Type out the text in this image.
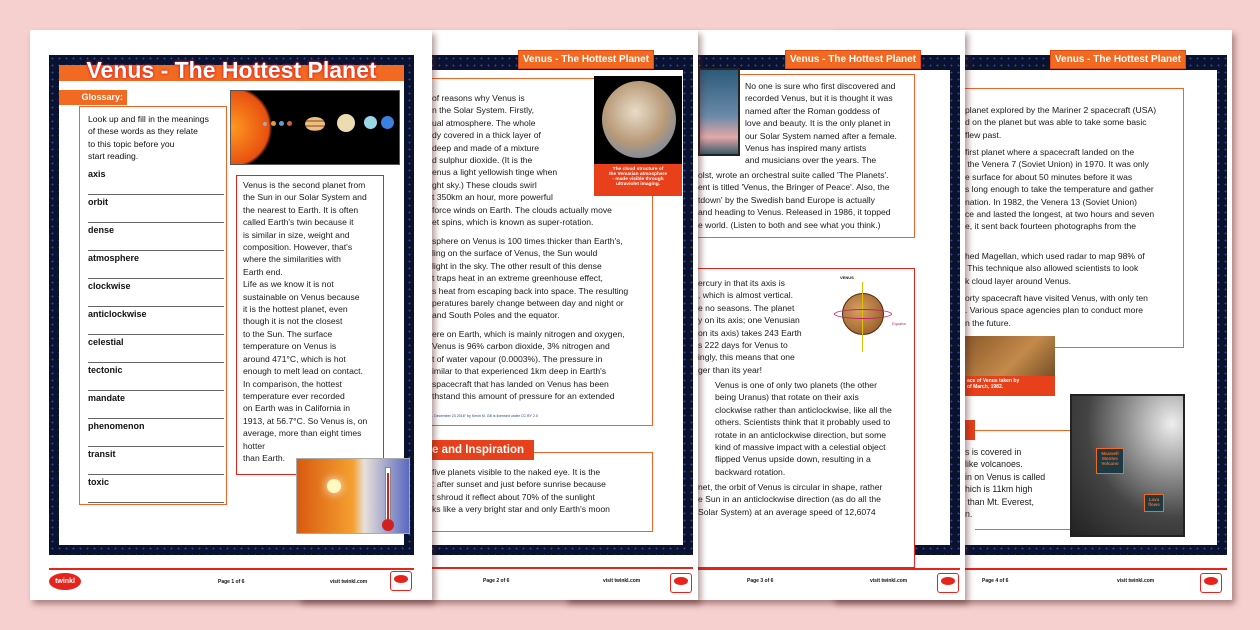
Venus - The Hottest Planet
planet explored by the Mariner 2 spacecraft (USA)
d on the planet but was able to take some basic
flew past.
first planet where a spacecraft landed on the
the Venera 7 (Soviet Union) in 1970. It was only
e surface for about 50 minutes before it was
s long enough to take the temperature and gather
nation. In 1982, the Venera 13 (Soviet Union)
ce and lasted the longest, at two hours and seven
e, it sent back fourteen photographs from the
hed Magellan, which used radar to map 98% of
This technique also allowed scientists to look
k cloud layer around Venus.
orty spacecraft have visited Venus, with only ten
. Various space agencies plan to conduct more
n the future.
ace of Venus taken by
of March, 1982.
s is covered in
like volcanoes.
in on Venus is called
hich is 11km high
than Mt. Everest,
n.
Maxwell
Montes
Volcano
Lava
flows
Page 4 of 6	visit twinkl.com
Venus - The Hottest Planet
No one is sure who first discovered and
recorded Venus, but it is thought it was
named after the Roman goddess of
love and beauty. It is the only planet in
our Solar System named after a female.
Venus has inspired many artists
and musicians over the years. The
olst, wrote an orchestral suite called 'The Planets'.
ent is titled 'Venus, the Bringer of Peace'. Also, the
tdown' by the Swedish band Europe is actually
and heading to Venus. Released in 1986, it topped
e world. (Listen to both and see what you think.)
ercury in that its axis is
, which is almost vertical.
e no seasons. The planet
y on its axis; one Venusian
on its axis) takes 243 Earth
s 222 days for Venus to
ingly, this means that one
ger than its year!
VENUS
Equator
Venus is one of only two planets (the other
being Uranus) that rotate on their axis
clockwise rather than anticlockwise, like all the
others. Scientists think that it probably used to
rotate in an anticlockwise direction, but some
kind of massive impact with a celestial object
flipped Venus upside down, resulting in a
backward rotation.
net, the orbit of Venus is circular in shape, rather
e Sun in an anticlockwise direction (as do all the
Solar System) at an average speed of 12,6074
Page 3 of 6	visit twinkl.com
Venus - The Hottest Planet
of reasons why Venus is
n the Solar System. Firstly,
ual atmosphere. The whole
dy covered in a thick layer of
deep and made of a mixture
d sulphur dioxide. (It is the
enus a light yellowish tinge when
ght sky.) These clouds swirl
t 350km an hour, more powerful
force winds on Earth. The clouds actually move
et spins, which is known as super-rotation.
sphere on Venus is 100 times thicker than Earth's,
ling on the surface of Venus, the Sun would
light in the sky. The other result of this dense
t traps heat in an extreme greenhouse effect,
s heat from escaping back into space. The resulting
peratures barely change between day and night or
and South Poles and the equator.
ere on Earth, which is mainly nitrogen and oxygen,
Venus is 96% carbon dioxide, 3% nitrogen and
t of water vapour (0.0003%). The pressure in
imilar to that experienced 1km deep in Earth's
spacecraft that has landed on Venus has been
thstand this amount of pressure for an extended
The cloud structure of
the Venusian atmosphere
- made visible through
ultraviolet imaging.
- December 23 2016" by Kevin M. Gill is licensed under CC BY 2.0
e and Inspiration
five planets visible to the naked eye. It is the
: after sunset and just before sunrise because
t shroud it reflect about 70% of the sunlight
ks like a very bright star and only Earth's moon
Page 2 of 6	visit twinkl.com
Venus - The Hottest Planet
Glossary:
Look up and fill in the meanings
of these words as they relate
to this topic before you
start reading.
axis
orbit
dense
atmosphere
clockwise
anticlockwise
celestial
tectonic
mandate
phenomenon
transit
toxic
Venus is the second planet from
the Sun in our Solar System and
the nearest to Earth. It is often
called Earth's twin because it
is similar in size, weight and
composition. However, that's
where the similarities with
Earth end.
Life as we know it is not
sustainable on Venus because
it is the hottest planet, even
though it is not the closest
to the Sun. The surface
temperature on Venus is
around 471°C, which is hot
enough to melt lead on contact.
In comparison, the hottest
temperature ever recorded
on Earth was in California in
1913, at 56.7°C. So Venus is, on
average, more than eight times
hotter
than Earth.
twinkl	Page 1 of 6	visit twinkl.com
